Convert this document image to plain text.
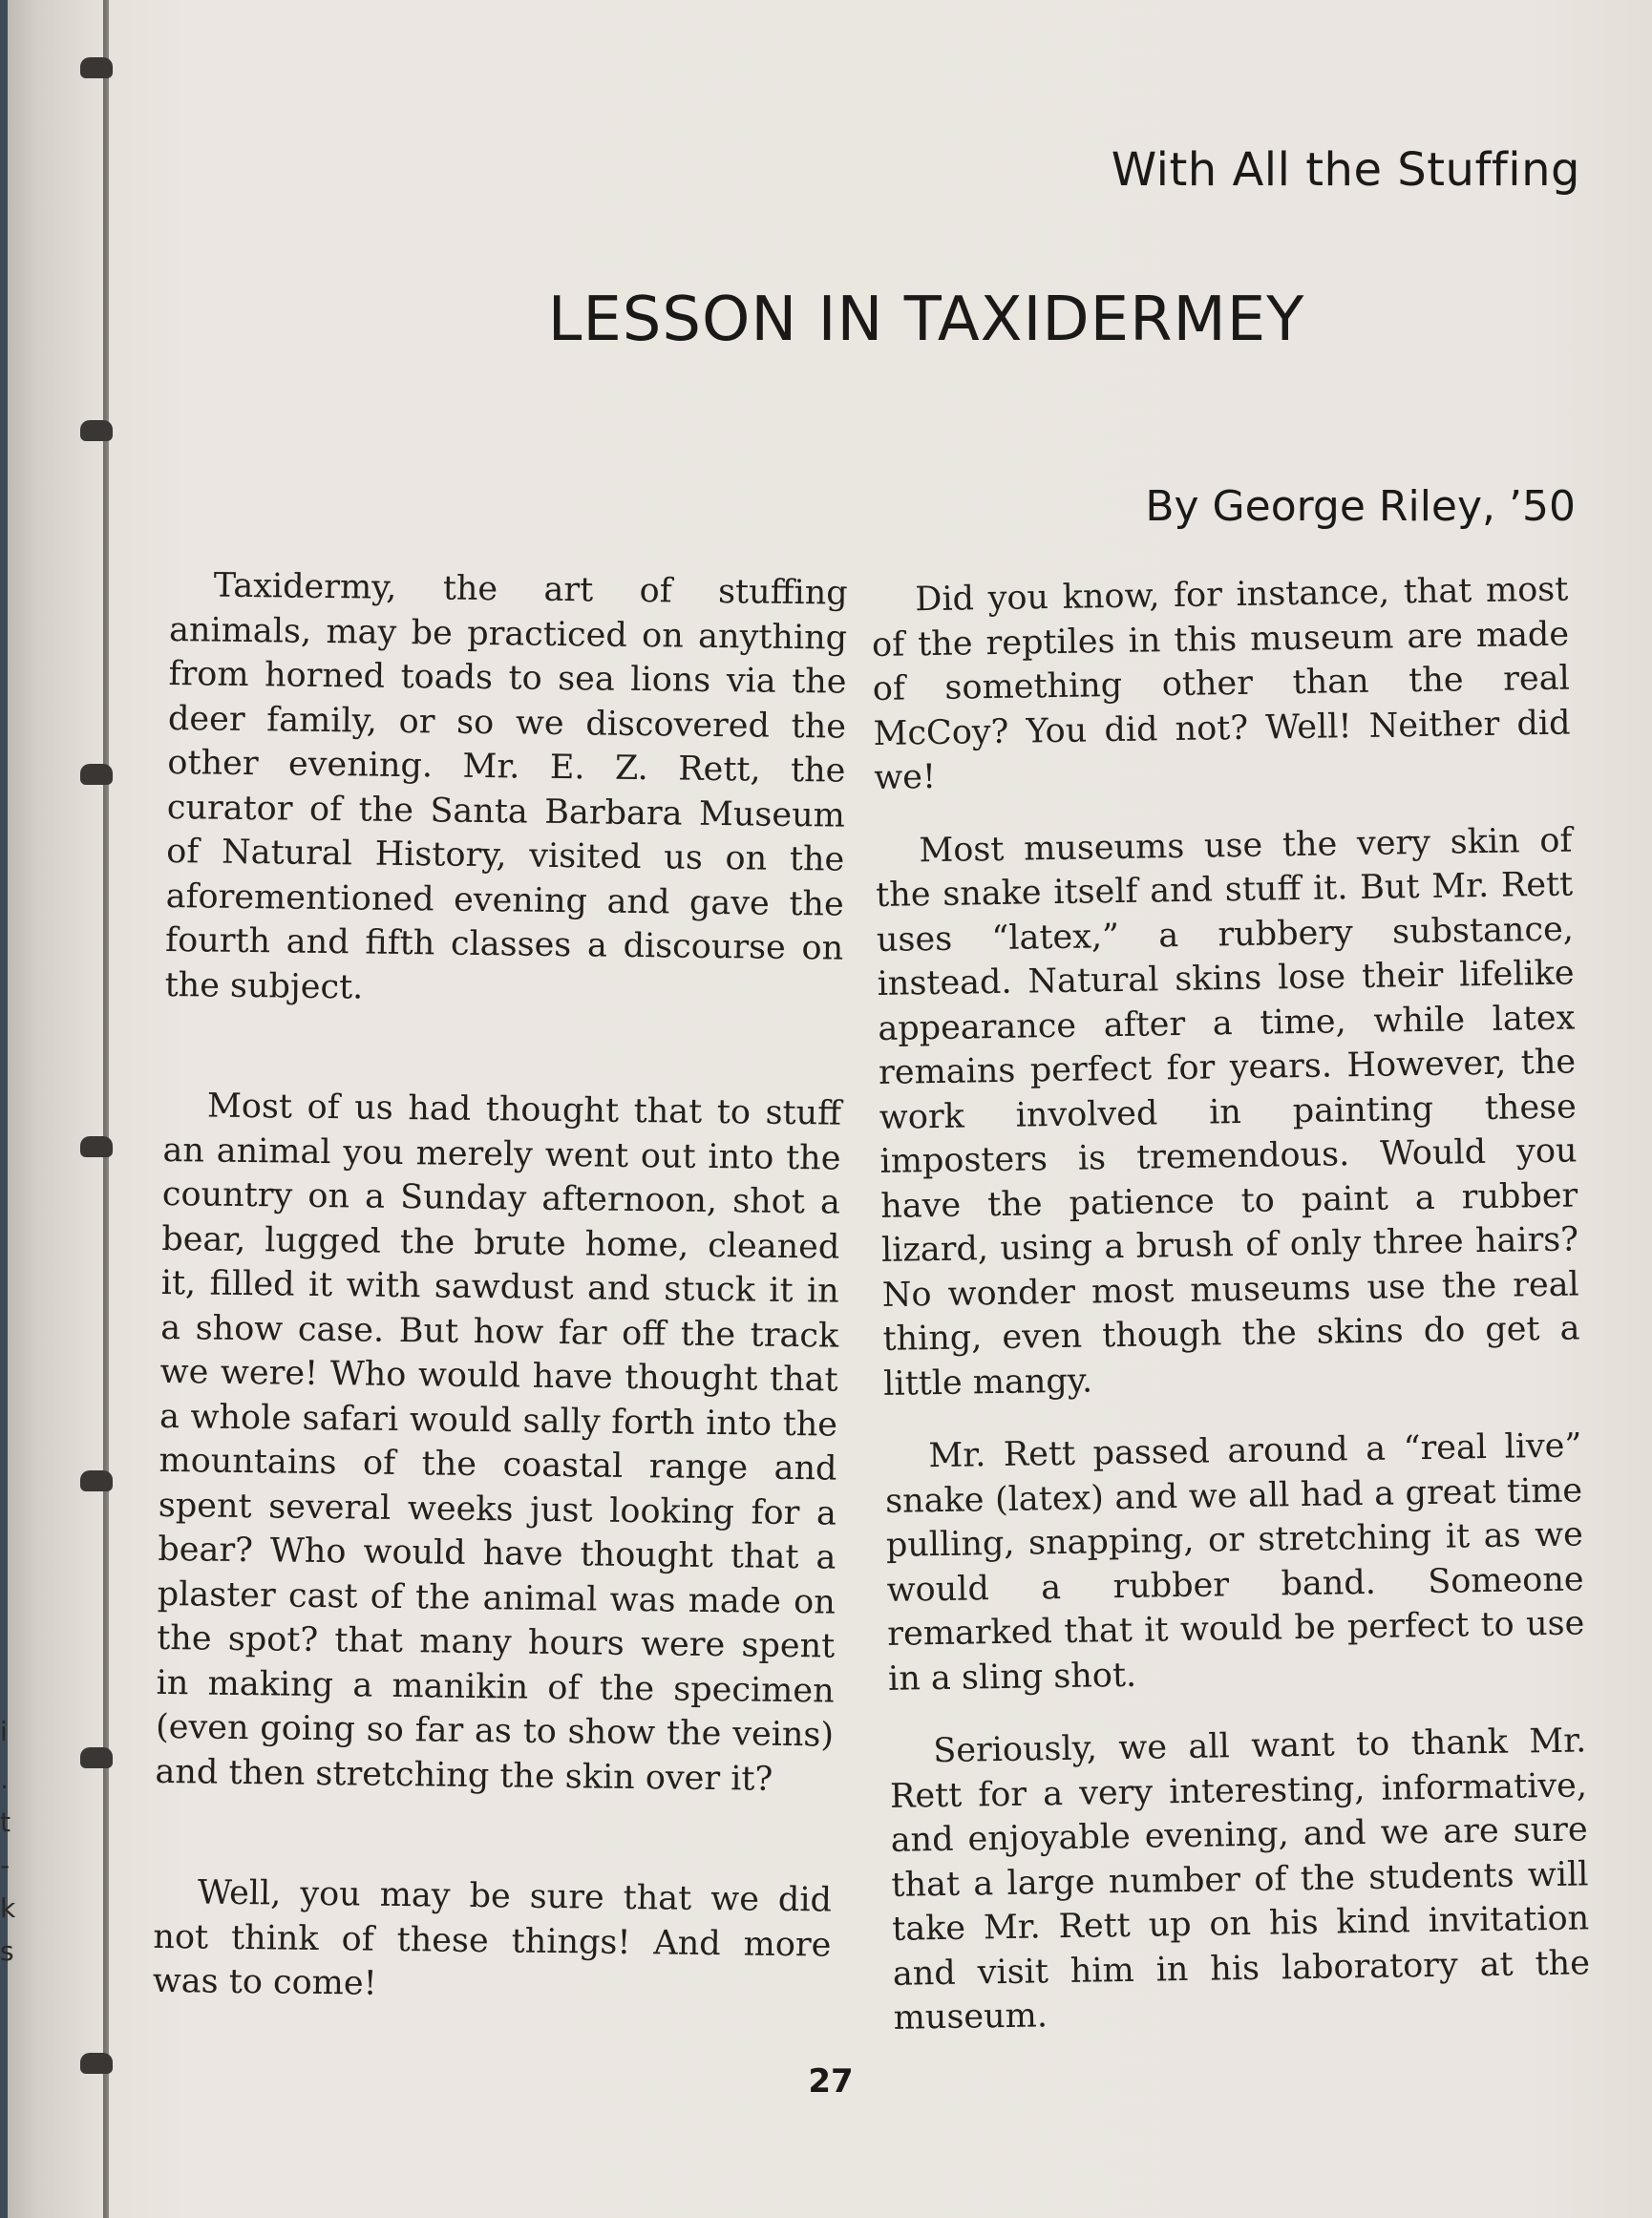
i
.
t
-
k
s
With All the Stuffing
LESSON IN TAXIDERMEY
By George Riley, ’50

Taxidermy, the art of stuffing animals, may be practiced on anything from horned toads to sea lions via the deer family, or so we discovered the other evening. Mr. E. Z. Rett, the curator of the Santa Barbara Museum of Natural History, visited us on the aforementioned evening and gave the fourth and fifth classes a discourse on the subject.

Most of us had thought that to stuff an animal you merely went out into the country on a Sunday afternoon, shot a bear, lugged the brute home, cleaned it, filled it with sawdust and stuck it in a show case. But how far off the track we were! Who would have thought that a whole safari would sally forth into the mountains of the coastal range and spent several weeks just looking for a bear? Who would have thought that a plaster cast of the animal was made on the spot? that many hours were spent in making a manikin of the specimen (even going so far as to show the veins) and then stretching the skin over it?

Well, you may be sure that we did not think of these things! And more was to come!

Did you know, for instance, that most of the reptiles in this museum are made of something other than the real McCoy? You did not? Well! Neither did we!

Most museums use the very skin of the snake itself and stuff it. But Mr. Rett uses “latex,” a rubbery substance, instead. Natural skins lose their lifelike appearance after a time, while latex remains perfect for years. However, the work involved in painting these imposters is tremendous. Would you have the patience to paint a rubber lizard, using a brush of only three hairs? No wonder most museums use the real thing, even though the skins do get a little mangy.

Mr. Rett passed around a “real live” snake (latex) and we all had a great time pulling, snapping, or stretching it as we would a rubber band. Someone remarked that it would be perfect to use in a sling shot.

Seriously, we all want to thank Mr. Rett for a very interesting, informative, and enjoyable evening, and we are sure that a large number of the students will take Mr. Rett up on his kind invitation and visit him in his laboratory at the museum.

27
